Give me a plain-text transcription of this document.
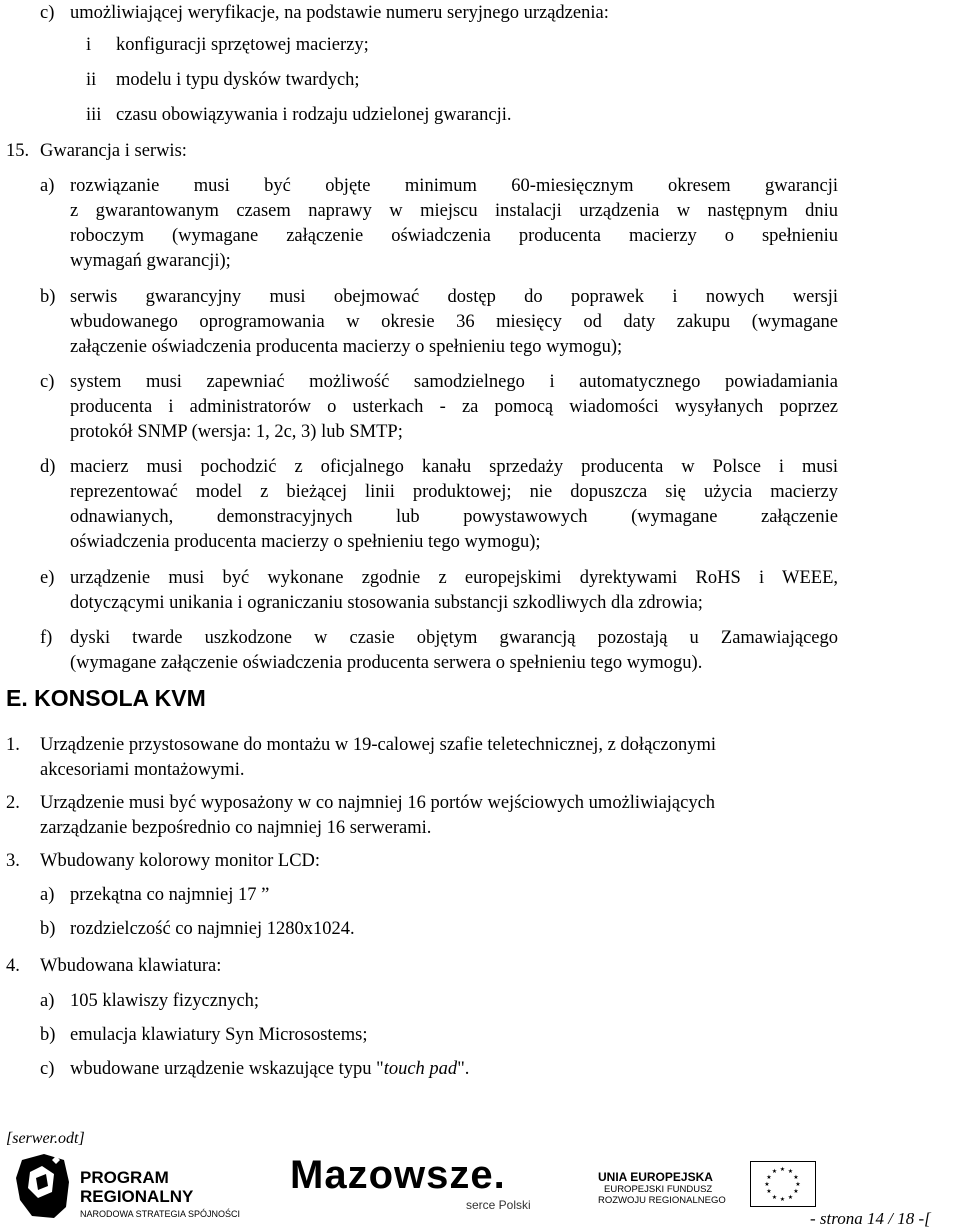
c) umożliwiającej weryfikacje, na podstawie numeru seryjnego urządzenia:
i konfiguracji sprzętowej macierzy;
ii modelu i typu dysków twardych;
iii czasu obowiązywania i rodzaju udzielonej gwarancji.
15. Gwarancja i serwis:
a) rozwiązanie musi być objęte minimum 60-miesięcznym okresem gwarancji
z gwarantowanym czasem naprawy w miejscu instalacji urządzenia w następnym dniu
roboczym (wymagane załączenie oświadczenia producenta macierzy o spełnieniu
wymagań gwarancji);
b) serwis gwarancyjny musi obejmować dostęp do poprawek i nowych wersji
wbudowanego oprogramowania w okresie 36 miesięcy od daty zakupu (wymagane
załączenie oświadczenia producenta macierzy o spełnieniu tego wymogu);
c) system musi zapewniać możliwość samodzielnego i automatycznego powiadamiania
producenta i administratorów o usterkach - za pomocą wiadomości wysyłanych poprzez
protokół SNMP (wersja: 1, 2c, 3) lub SMTP;
d) macierz musi pochodzić z oficjalnego kanału sprzedaży producenta w Polsce i musi
reprezentować model z bieżącej linii produktowej; nie dopuszcza się użycia macierzy
odnawianych, demonstracyjnych lub powystawowych (wymagane załączenie
oświadczenia producenta macierzy o spełnieniu tego wymogu);
e) urządzenie musi być wykonane zgodnie z europejskimi dyrektywami RoHS i WEEE,
dotyczącymi unikania i ograniczaniu stosowania substancji szkodliwych dla zdrowia;
f) dyski twarde uszkodzone w czasie objętym gwarancją pozostają u Zamawiającego
(wymagane załączenie oświadczenia producenta serwera o spełnieniu tego wymogu).
E. KONSOLA KVM
1. Urządzenie przystosowane do montażu w 19-calowej szafie teletechnicznej, z dołączonymi
akcesoriami montażowymi.
2. Urządzenie musi być wyposażony w co najmniej 16 portów wejściowych umożliwiających
zarządzanie bezpośrednio co najmniej 16 serwerami.
3. Wbudowany kolorowy monitor LCD:
a) przekątna co najmniej 17 ”
b) rozdzielczość co najmniej 1280x1024.
4. Wbudowana klawiatura:
a) 105 klawiszy fizycznych;
b) emulacja klawiatury Syn Microsostems;
c) wbudowane urządzenie wskazujące typu "touch pad".
[serwer.odt]
PROGRAM
REGIONALNY
NARODOWA STRATEGIA SPÓJNOŚCI
Mazowsze.
serce Polski
UNIA EUROPEJSKA
EUROPEJSKI FUNDUSZ
ROZWOJU REGIONALNEGO
★ ★
★
★
★
★
★
★
★
★
★
★
- strona 14 / 18 -[
